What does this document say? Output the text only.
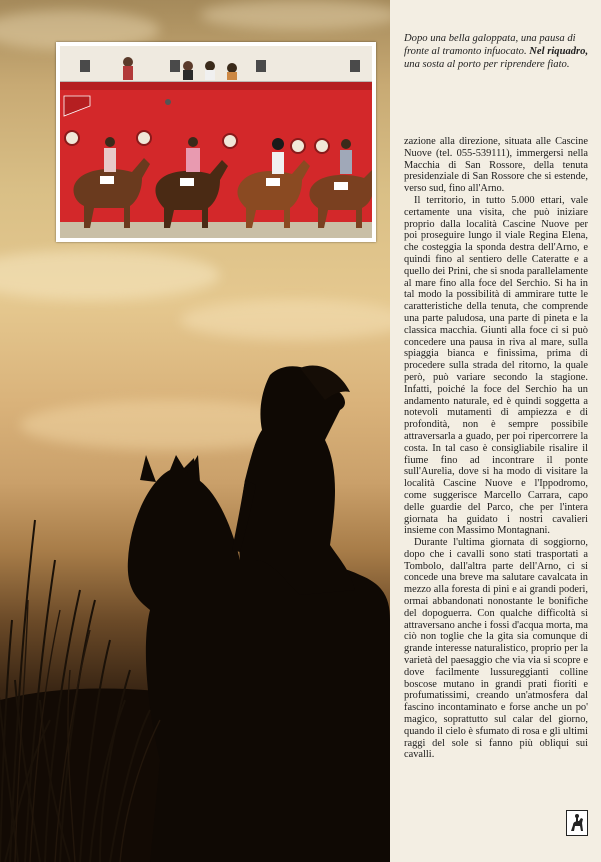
Dopo una bella galoppata, una pausa di fronte al tramonto infuocato. Nel riquadro, una sosta al porto per riprendere fiato.

zazione alla direzione, situata alle Cascine Nuove (tel. 055-539111), immergersi nella Macchia di San Rossore, della tenuta presidenziale di San Rossore che si estende, verso sud, fino all'Arno.

Il territorio, in tutto 5.000 ettari, vale certamente una visita, che può iniziare proprio dalla località Cascine Nuove per poi proseguire lungo il viale Regina Elena, che costeggia la sponda destra dell'Arno, e quindi fino al sentiero delle Cateratte e a quello dei Prini, che si snoda parallelamente al mare fino alla foce del Serchio. Si ha in tal modo la possibilità di ammirare tutte le caratteristiche della tenuta, che comprende una parte paludosa, una parte di pineta e la classica macchia. Giunti alla foce ci si può concedere una pausa in riva al mare, sulla spiaggia bianca e finissima, prima di procedere sulla strada del ritorno, la quale però, può variare secondo la stagione. Infatti, poiché la foce del Serchio ha un andamento naturale, ed è quindi soggetta a notevoli mutamenti di ampiezza e di profondità, non è sempre possibile attraversarla a guado, per poi ripercorrere la costa. In tal caso è consigliabile risalire il fiume fino ad incontrare il ponte sull'Aurelia, dove si ha modo di visitare la località Cascine Nuove e l'Ippodromo, come suggerisce Marcello Carrara, capo delle guardie del Parco, che per l'intera giornata ha guidato i nostri cavalieri insieme con Massimo Montagnani.

Durante l'ultima giornata di soggiorno, dopo che i cavalli sono stati trasportati a Tombolo, dall'altra parte dell'Arno, ci si concede una breve ma salutare cavalcata in mezzo alla foresta di pini e ai grandi poderi, ormai abbandonati nonostante le bonifiche del dopoguerra. Con qualche difficoltà si attraversano anche i fossi d'acqua morta, ma ciò non toglie che la gita sia comunque di grande interesse naturalistico, proprio per la varietà del paesaggio che via via si scopre e dove facilmente lussureggianti colline boscose mutano in grandi prati fioriti e profumatissimi, creando un'atmosfera dal fascino incontaminato e forse anche un po' magico, soprattutto sul calar del giorno, quando il cielo è sfumato di rosa e gli ultimi raggi del sole si fanno più obliqui sui cavalli.
